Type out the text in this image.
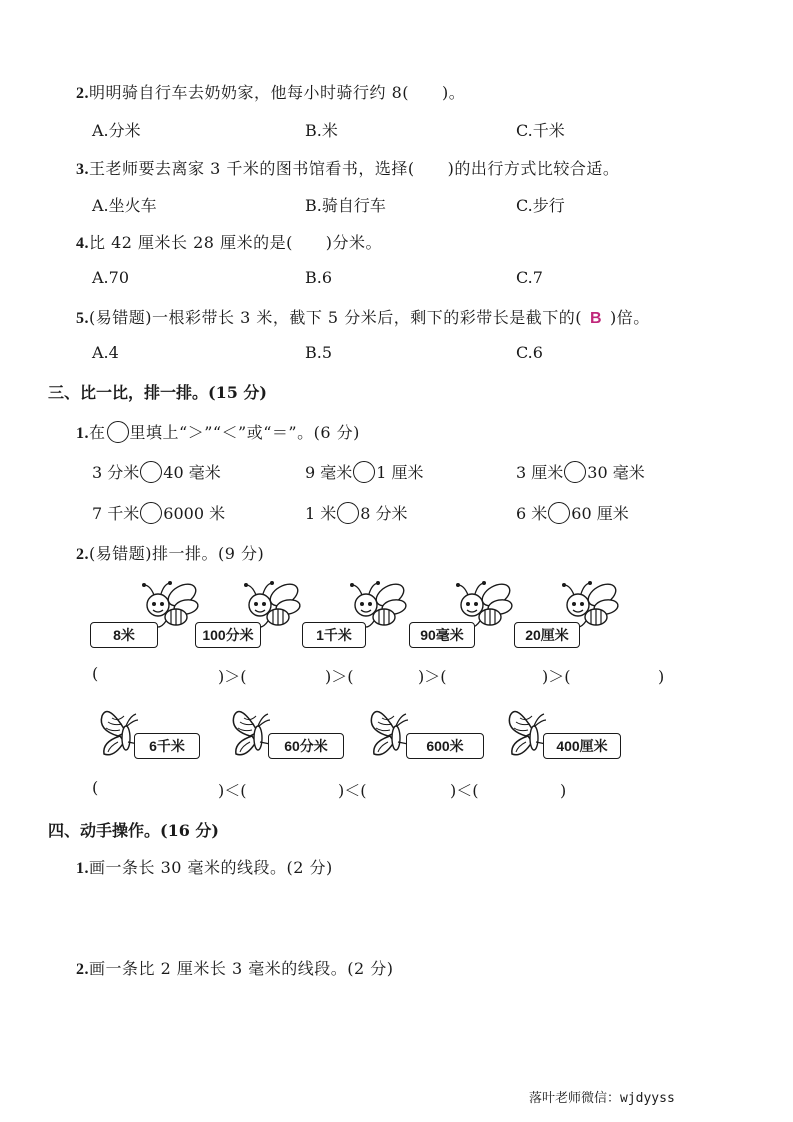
2.明明骑自行车去奶奶家，他每小时骑行约 8(　　)。
A.分米	B.米	C.千米
3.王老师要去离家 3 千米的图书馆看书，选择(　　)的出行方式比较合适。
A.坐火车	B.骑自行车	C.步行
4.比 42 厘米长 28 厘米的是(　　)分米。
A.70	B.6	C.7
5.(易错题)一根彩带长 3 米，截下 5 分米后，剩下的彩带长是截下的( B )倍。
A.4	B.5	C.6
三、比一比，排一排。(15 分)
1.在 里填上“＞”“＜”或“＝”。(6 分)
3 分米 40 毫米	9 毫米 1 厘米	3 厘米 30 毫米
7 千米 6000 米	1 米 8 分米	6 米 60 厘米
2.(易错题)排一排。(9 分)
8米	100分米	1千米	90毫米	20厘米
(	　　　)＞( 　　　)＞( 　　　)＞(	　　　)＞( 　　　)
6千米	60分米	600米	400厘米
(	　　　)＜(	　　　)＜( 　　　)＜( 　　　)
四、动手操作。(16 分)
1.画一条长 30 毫米的线段。(2 分)
2.画一条比 2 厘米长 3 毫米的线段。(2 分)
落叶老师微信：wjdyyss
